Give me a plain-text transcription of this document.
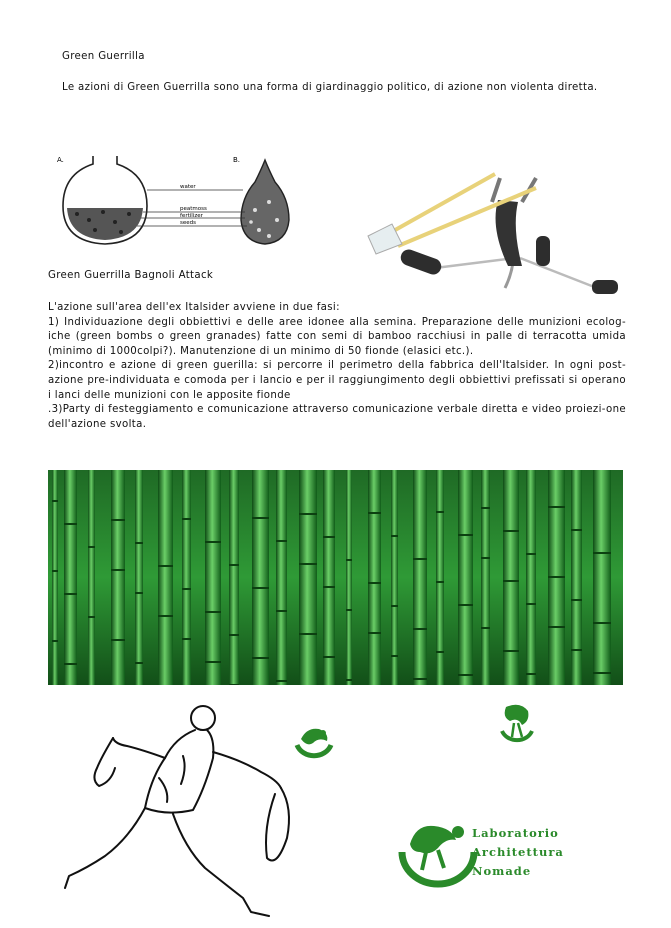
Green Guerrilla
Le azioni di Green Guerrilla sono una forma di giardinaggio politico, di azione non violenta diretta.
A.	B.
water
peatmoss
fertilizer
seeds
Green Guerrilla Bagnoli Attack

L'azione sull'area dell'ex Italsider avviene in due fasi:

1) Individuazione degli obbiettivi e delle aree idonee alla semina. Preparazione delle munizioni ecolog-iche (green bombs o green granades) fatte con semi di bamboo racchiusi in palle di terracotta umida (minimo di 1000colpi?). Manutenzione di un minimo di 50 fionde (elasici etc.).

2)incontro e azione di green guerilla: si percorre il perimetro della fabbrica dell'Italsider. In ogni post-azione pre-individuata e comoda per i lancio e per il raggiungimento degli obbiettivi prefissati si operano i lanci delle munizioni con le apposite fionde

.3)Party di festeggiamento e comunicazione attraverso comunicazione verbale diretta e video proiezi-one dell'azione svolta.

Laboratorio
Architettura
Nomade
